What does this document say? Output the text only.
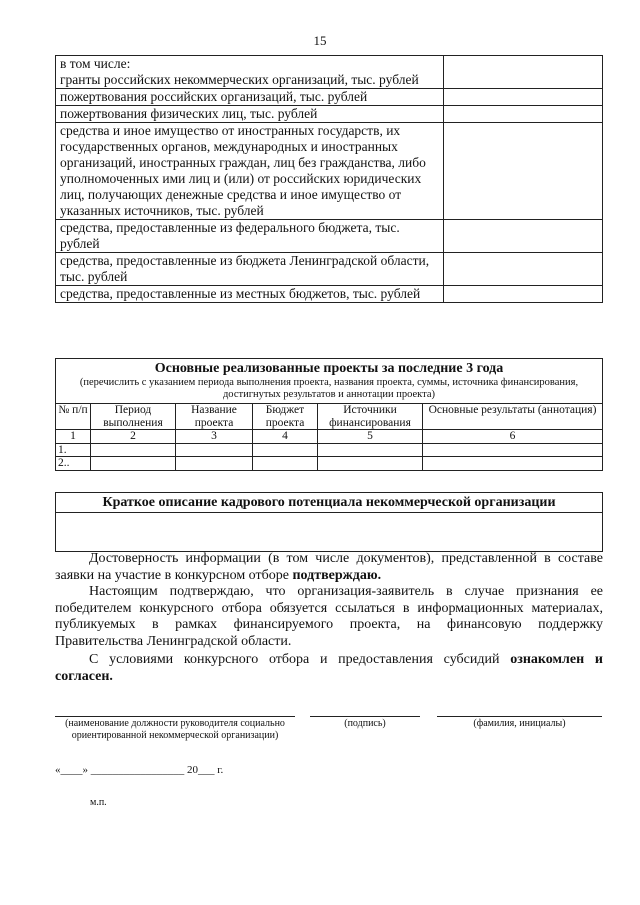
15
в том числе:
гранты российских некоммерческих организаций, тыс. рублей	
пожертвования российских организаций, тыс. рублей	
пожертвования физических лиц, тыс. рублей	
средства и иное имущество от иностранных государств, их государственных органов, международных и иностранных организаций, иностранных граждан, лиц без гражданства, либо уполномоченных ими лиц и (или) от российских юридических лиц, получающих денежные средства и иное имущество от указанных источников, тыс. рублей	
средства, предоставленные из федерального бюджета, тыс. рублей	
средства, предоставленные из бюджета Ленинградской области, тыс. рублей	
средства, предоставленные из местных бюджетов, тыс. рублей	
Основные реализованные проекты за последние 3 года
(перечислить с указанием периода выполнения проекта, названия проекта, суммы, источника финансирования, достигнутых результатов и аннотации проекта)					

№ п/п	Период выполнения	Название проекта	Бюджет проекта	Источники финансирования	Основные результаты (аннотация)
1	2	3	4	5	6
1.					
2..					
Краткое описание кадрового потенциала некоммерческой организации

Достоверность информации (в том числе документов), представленной в составе заявки на участие в конкурсном отборе подтверждаю.
Настоящим подтверждаю, что организация-заявитель в случае признания ее победителем конкурсного отбора обязуется ссылаться в информационных материалах, публикуемых в рамках финансируемого проекта, на финансовую поддержку Правительства Ленинградской области.
С условиями конкурсного отбора и предоставления субсидий ознакомлен и согласен.
(наименование должности руководителя социально ориентированной некоммерческой организации)
(подпись)	(фамилия, инициалы)
«____» _________________ 20___ г.
м.п.
